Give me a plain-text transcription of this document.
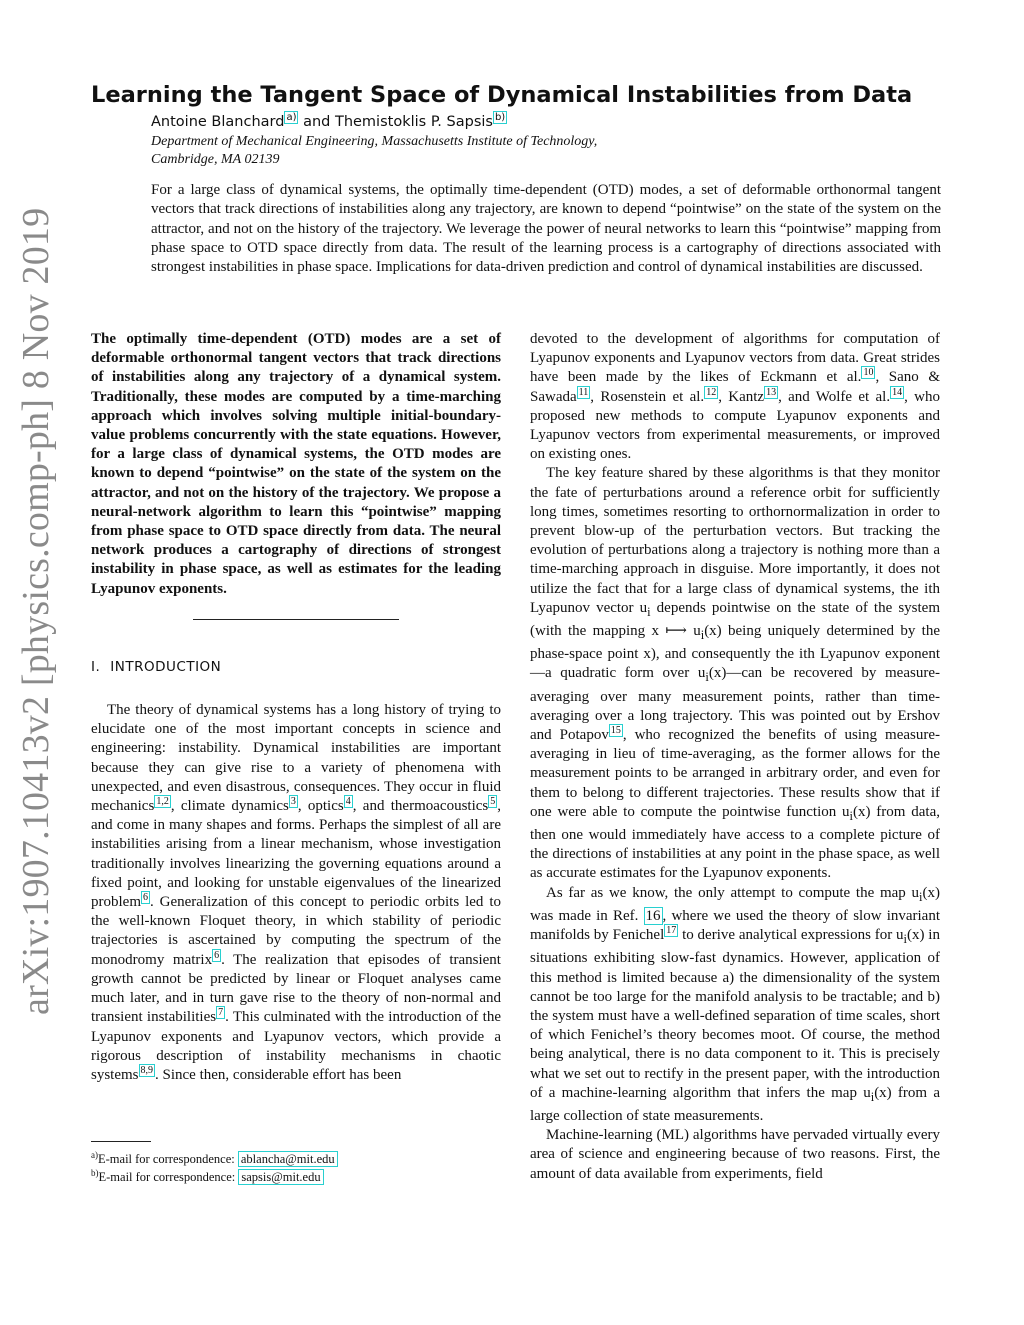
arXiv:1907.10413v2 [physics.comp-ph] 8 Nov 2019
Learning the Tangent Space of Dynamical Instabilities from Data
Antoine Blanchard $^{a)}$ and Themistoklis P. Sapsis $^{b)}$
Department of Mechanical Engineering, Massachusetts Institute of Technology,
Cambridge, MA 02139
For a large class of dynamical systems, the optimally time-dependent (OTD) modes, a set of deformable orthonormal tangent vectors that track directions of instabilities along any trajectory, are known to depend “pointwise” on the state of the system on the attractor, and not on the history of the trajectory. We leverage the power of neural networks to learn this “pointwise” mapping from phase space to OTD space directly from data. The result of the learning process is a cartography of directions associated with strongest instabilities in phase space. Implications for data-driven prediction and control of dynamical instabilities are discussed.

The optimally time-dependent (OTD) modes are a set of deformable orthonormal tangent vectors that track directions of instabilities along any trajectory of a dynamical system. Traditionally, these modes are computed by a time-marching approach which involves solving multiple initial-boundary-value problems concurrently with the state equations. However, for a large class of dynamical systems, the OTD modes are known to depend “pointwise” on the state of the system on the attractor, and not on the history of the trajectory. We propose a neural-network algorithm to learn this “pointwise” mapping from phase space to OTD space directly from data. The neural network produces a cartography of directions of strongest instability in phase space, as well as estimates for the leading Lyapunov exponents.

I. INTRODUCTION

The theory of dynamical systems has a long history of trying to elucidate one of the most important concepts in science and engineering: instability. Dynamical instabilities are important because they can give rise to a variety of phenomena with unexpected, and even disastrous, consequences. They occur in fluid mechanics $^{1,2}$ , climate dynamics $^3$ , optics $^4$ , and thermoacoustics $^5$ , and come in many shapes and forms. Perhaps the simplest of all are instabilities arising from a linear mechanism, whose investigation traditionally involves linearizing the governing equations around a fixed point, and looking for unstable eigenvalues of the linearized problem $^6$ . Generalization of this concept to periodic orbits led to the well-known Floquet theory, in which stability of periodic trajectories is ascertained by computing the spectrum of the monodromy matrix $^6$ . The realization that episodes of transient growth cannot be predicted by linear or Floquet analyses came much later, and in turn gave rise to the theory of non-normal and transient instabilities $^7$ . This culminated with the introduction of the Lyapunov exponents and Lyapunov vectors, which provide a rigorous description of instability mechanisms in chaotic systems $^{8,9}$ . Since then, considerable effort has been

$^{a)}$E-mail for correspondence: ablancha@mit.edu
$^{b)}$E-mail for correspondence: sapsis@mit.edu

devoted to the development of algorithms for computation of Lyapunov exponents and Lyapunov vectors from data. Great strides have been made by the likes of Eckmann et al. $^{10}$ , Sano & Sawada $^{11}$ , Rosenstein et al. $^{12}$ , Kantz $^{13}$ , and Wolfe et al. $^{14}$ , who proposed new methods to compute Lyapunov exponents and Lyapunov vectors from experimental measurements, or improved on existing ones.

The key feature shared by these algorithms is that they monitor the fate of perturbations around a reference orbit for sufficiently long times, sometimes resorting to orthornormalization in order to prevent blow-up of the perturbation vectors. But tracking the evolution of perturbations along a trajectory is nothing more than a time-marching approach in disguise. More importantly, it does not utilize the fact that for a large class of dynamical systems, the ith Lyapunov vector $u_i$ depends pointwise on the state of the system (with the mapping x ⟼ $u_i(x)$ being uniquely determined by the phase-space point x), and consequently the ith Lyapunov exponent—a quadratic form over $u_i(x)—can$ be recovered by measure-averaging over many measurement points, rather than time-averaging over a long trajectory. This was pointed out by Ershov and Potapov $^{15}$ , who recognized the benefits of using measure-averaging in lieu of time-averaging, as the former allows for the measurement points to be arranged in arbitrary order, and even for them to belong to different trajectories. These results show that if one were able to compute the pointwise function $u_i(x)$ from data, then one would immediately have access to a complete picture of the directions of instabilities at any point in the phase space, as well as accurate estimates for the Lyapunov exponents.

As far as we know, the only attempt to compute the map $u_i(x)$ was made in Ref. 16 , where we used the theory of slow invariant manifolds by Fenichel $^{17}$ to derive analytical expressions for $u_i(x)$ in situations exhibiting slow-fast dynamics. However, application of this method is limited because a) the dimensionality of the system cannot be too large for the manifold analysis to be tractable; and b) the system must have a well-defined separation of time scales, short of which Fenichel’s theory becomes moot. Of course, the method being analytical, there is no data component to it. This is precisely what we set out to rectify in the present paper, with the introduction of a machine-learning algorithm that infers the map $u_i(x)$ from a large collection of state measurements.

Machine-learning (ML) algorithms have pervaded virtually every area of science and engineering because of two reasons. First, the amount of data available from experiments, field
